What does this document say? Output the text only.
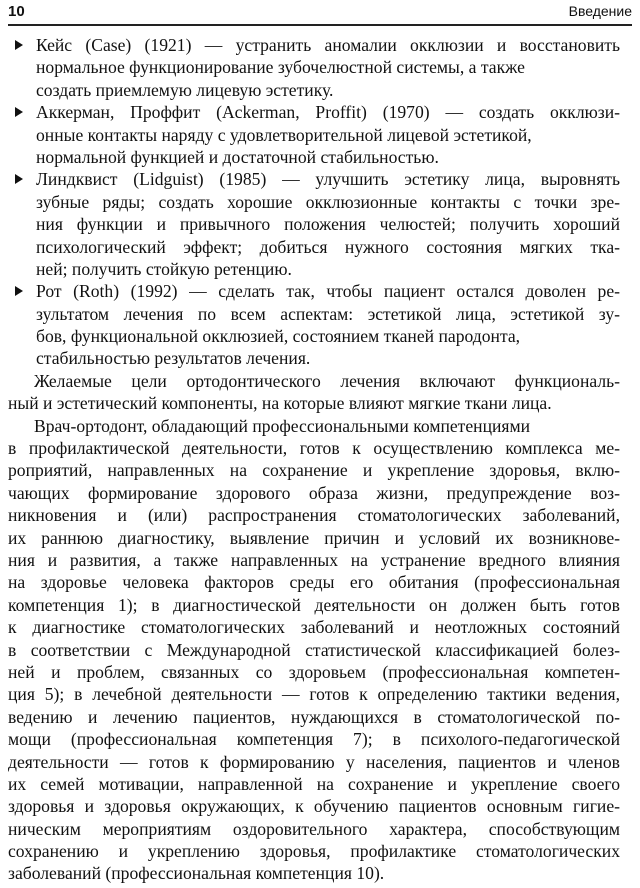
10	Введение
Кейс (Case) (1921) — устранить аномалии окклюзии и восстановить
нормальное функционирование зубочелюстной системы, а также
создать приемлемую лицевую эстетику.
Аккерман, Проффит (Ackerman, Proffit) (1970) — создать окклюзи-
онные контакты наряду с удовлетворительной лицевой эстетикой,
нормальной функцией и достаточной стабильностью.
Линдквист (Lidguist) (1985) — улучшить эстетику лица, выровнять
зубные ряды; создать хорошие окклюзионные контакты с точки зре-
ния функции и привычного положения челюстей; получить хороший
психологический эффект; добиться нужного состояния мягких тка-
ней; получить стойкую ретенцию.
Рот (Roth) (1992) — сделать так, чтобы пациент остался доволен ре-
зультатом лечения по всем аспектам: эстетикой лица, эстетикой зу-
бов, функциональной окклюзией, состоянием тканей пародонта,
стабильностью результатов лечения.
Желаемые цели ортодонтического лечения включают функциональ-
ный и эстетический компоненты, на которые влияют мягкие ткани лица.
Врач-ортодонт, обладающий профессиональными компетенциями
в профилактической деятельности, готов к осуществлению комплекса ме-
роприятий, направленных на сохранение и укрепление здоровья, вклю-
чающих формирование здорового образа жизни, предупреждение воз-
никновения и (или) распространения стоматологических заболеваний,
их раннюю диагностику, выявление причин и условий их возникнове-
ния и развития, а также направленных на устранение вредного влияния
на здоровье человека факторов среды его обитания (профессиональная
компетенция 1); в диагностической деятельности он должен быть готов
к диагностике стоматологических заболеваний и неотложных состояний
в соответствии с Международной статистической классификацией болез-
ней и проблем, связанных со здоровьем (профессиональная компетен-
ция 5); в лечебной деятельности — готов к определению тактики ведения,
ведению и лечению пациентов, нуждающихся в стоматологической по-
мощи (профессиональная компетенция 7); в психолого-педагогической
деятельности — готов к формированию у населения, пациентов и членов
их семей мотивации, направленной на сохранение и укрепление своего
здоровья и здоровья окружающих, к обучению пациентов основным гигие-
ническим мероприятиям оздоровительного характера, способствующим
сохранению и укреплению здоровья, профилактике стоматологических
заболеваний (профессиональная компетенция 10).
